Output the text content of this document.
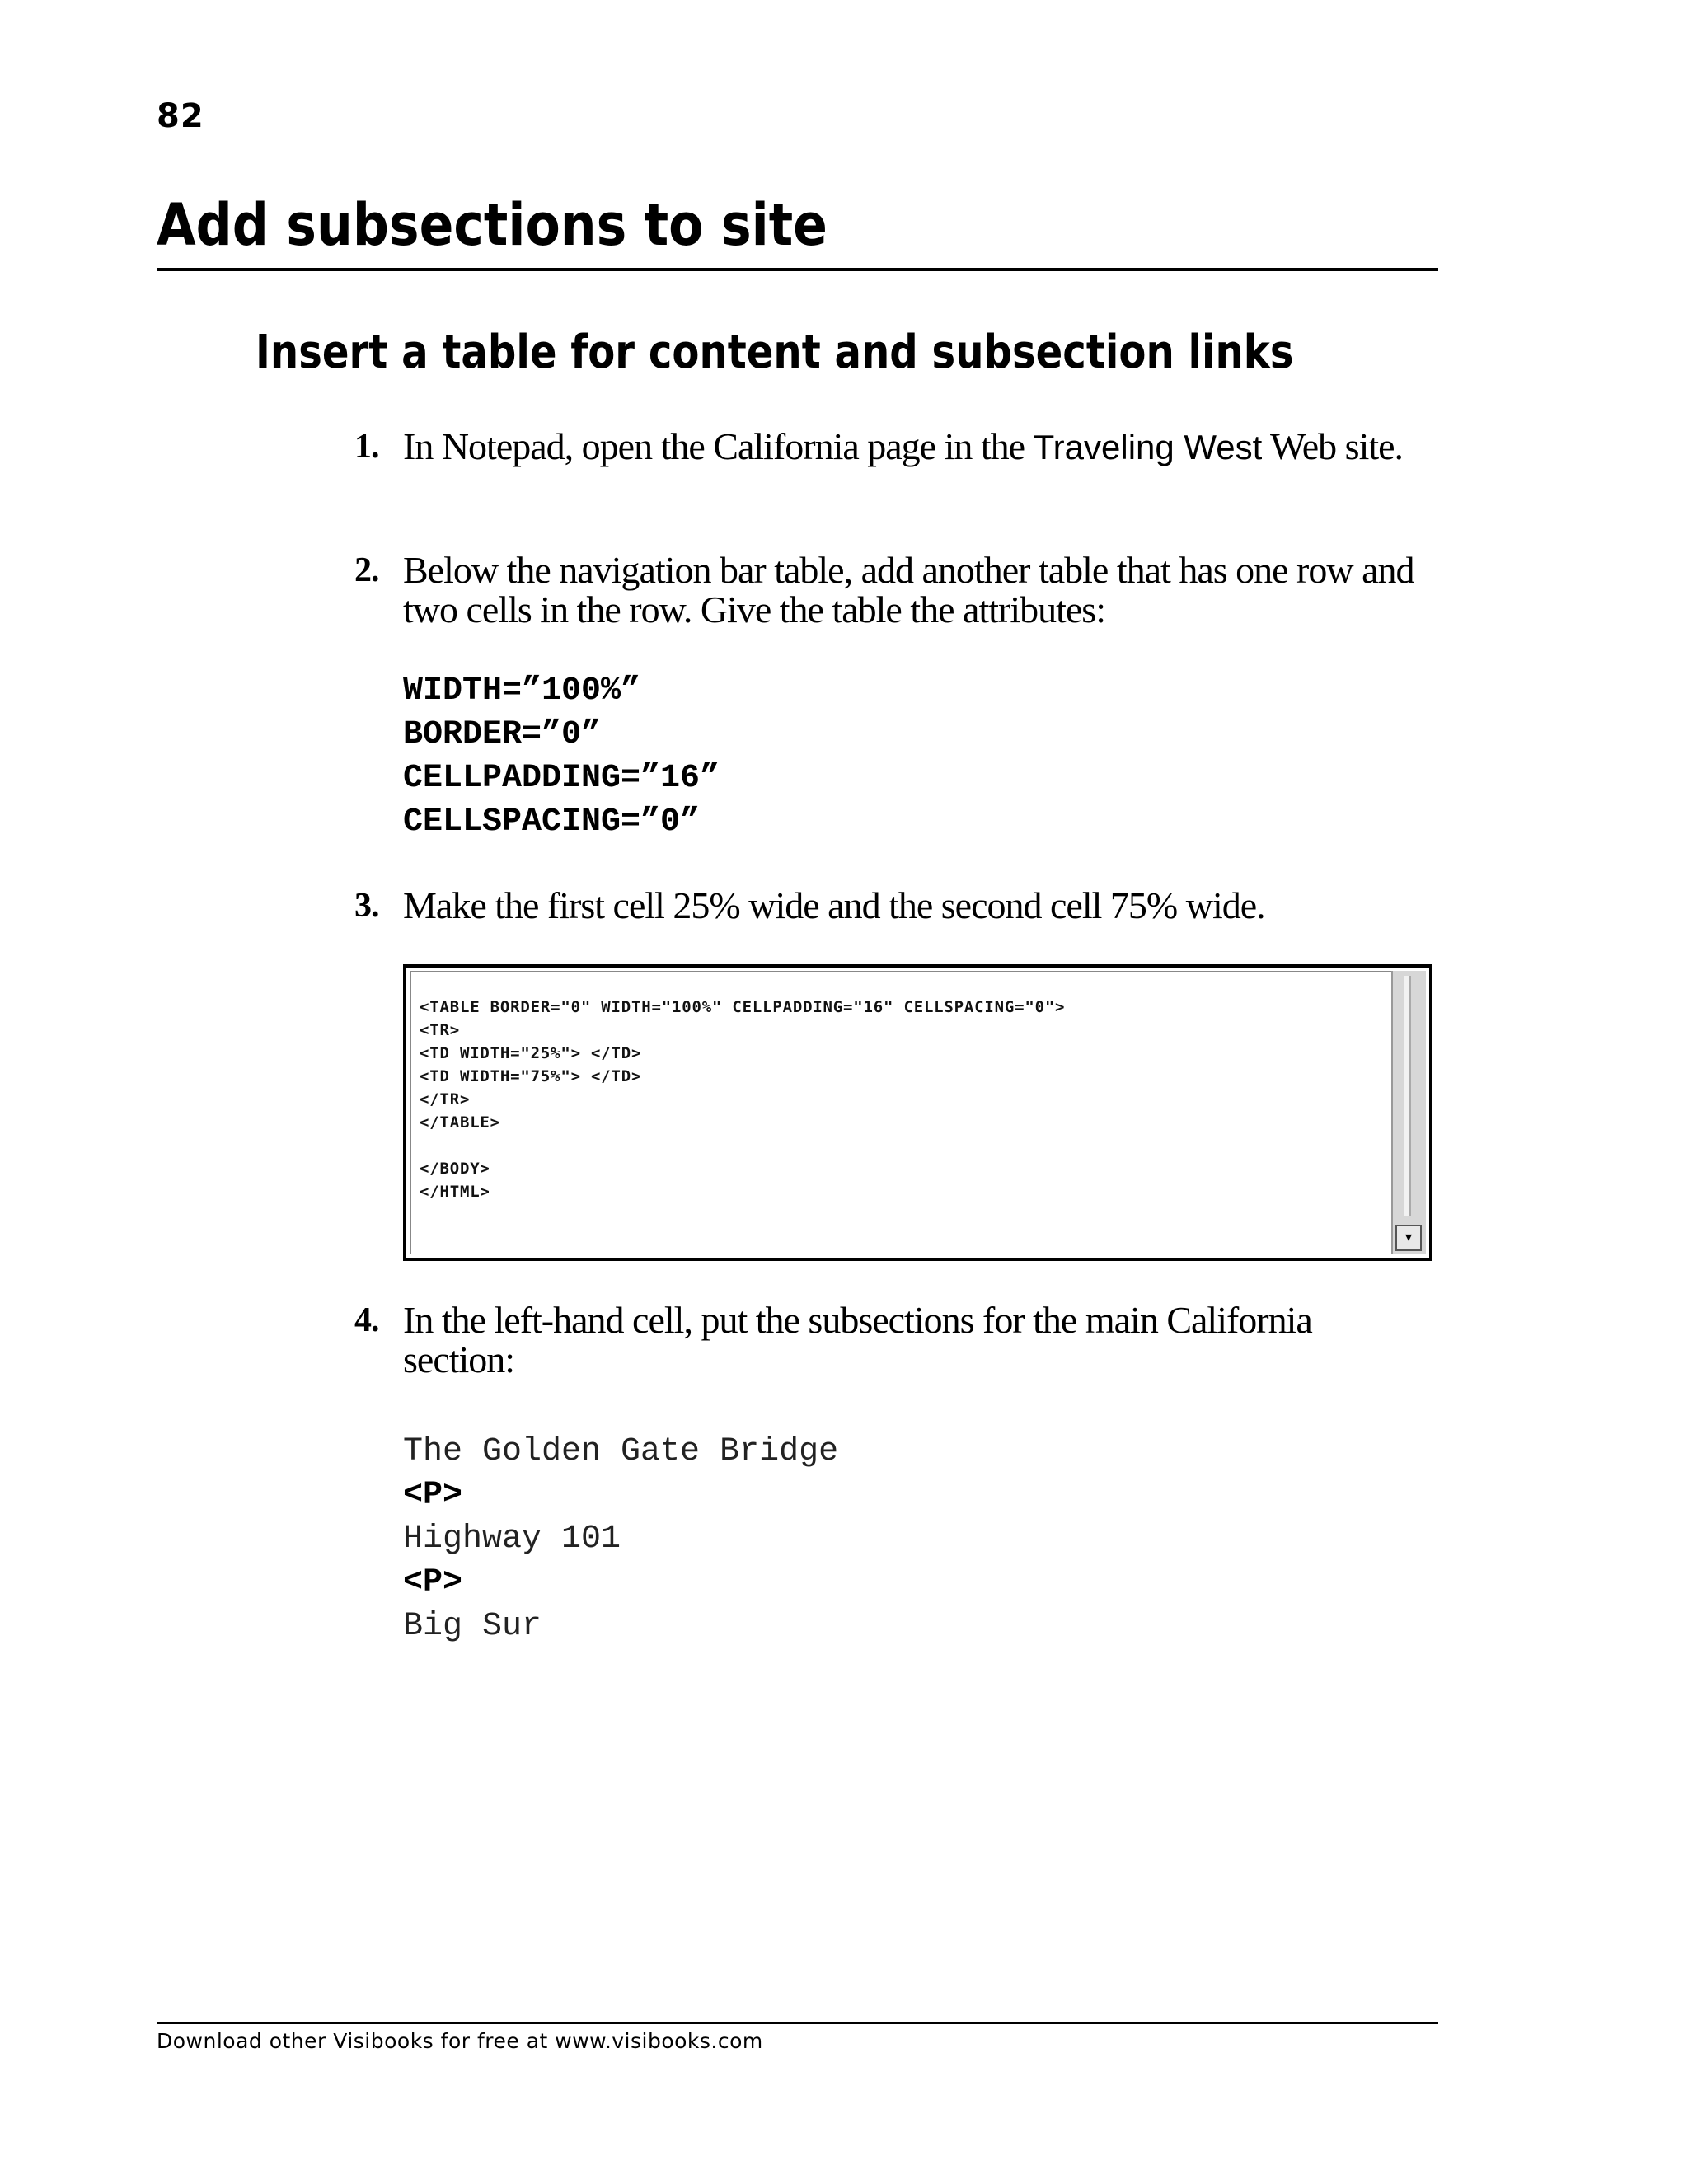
82
Add subsections to site
Insert a table for content and subsection links
1. In Notepad, open the California page in the Traveling West Web site.
2. Below the navigation bar table, add another table that has one row and two cells in the row. Give the table the attributes:
WIDTH=”100%”
BORDER=”0”
CELLPADDING=”16”
CELLSPACING=”0”
3. Make the first cell 25% wide and the second cell 75% wide.
<TABLE BORDER="0" WIDTH="100%" CELLPADDING="16" CELLSPACING="0">
<TR>
<TD WIDTH="25%"> </TD>
<TD WIDTH="75%"> </TD>
</TR>
</TABLE>
</BODY>
</HTML>
▾
4. In the left-hand cell, put the subsections for the main California section:
The Golden Gate Bridge
<P>
Highway 101
<P>
Big Sur
Download other Visibooks for free at www.visibooks.com
